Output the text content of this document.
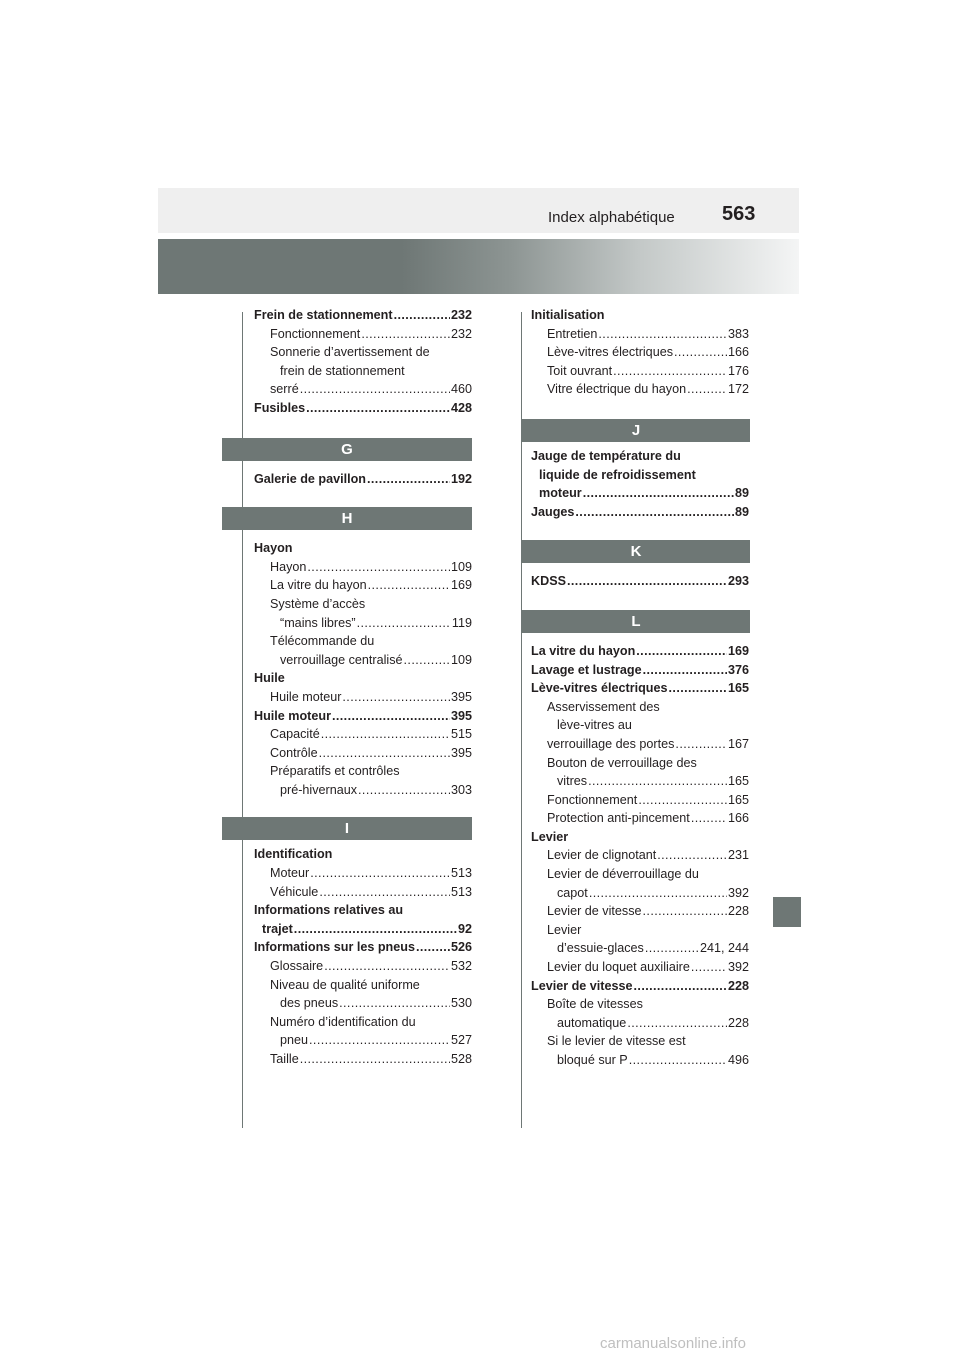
Index alphabétique 563
Frein de stationnement .....	232
Fonctionnement .....	232
Sonnerie d’avertissement de
frein de stationnement
serré .....	460
Fusibles .....	428
G
Galerie de pavillon .....	192
H
Hayon
Hayon .....	109
La vitre du hayon .....	169
Système d’accès
“mains libres” .....	119
Télécommande du
verrouillage centralisé .....	109
Huile
Huile moteur .....	395
Huile moteur .....	395
Capacité .....	515
Contrôle .....	395
Préparatifs et contrôles
pré-hivernaux .....	303
I
Identification
Moteur .....	513
Véhicule .....	513
Informations relatives au
trajet .....	92
Informations sur les pneus .....	526
Glossaire .....	532
Niveau de qualité uniforme
des pneus .....	530
Numéro d’identification du
pneu .....	527
Taille .....	528
Initialisation
Entretien .....	383
Lève-vitres électriques .....	166
Toit ouvrant .....	176
Vitre électrique du hayon .....	172
J
Jauge de température du
liquide de refroidissement
moteur .....	89
Jauges .....	89
K
KDSS .....	293
L
La vitre du hayon .....	169
Lavage et lustrage .....	376
Lève-vitres électriques .....	165
Asservissement des
lève-vitres au
verrouillage des portes .....	167
Bouton de verrouillage des
vitres .....	165
Fonctionnement .....	165
Protection anti-pincement .....	166
Levier
Levier de clignotant .....	231
Levier de déverrouillage du
capot .....	392
Levier de vitesse .....	228
Levier
d’essuie-glaces .....	241, 244
Levier du loquet auxiliaire .....	392
Levier de vitesse .....	228
Boîte de vitesses
automatique .....	228
Si le levier de vitesse est
bloqué sur P .....	496
carmanualsonline.info
